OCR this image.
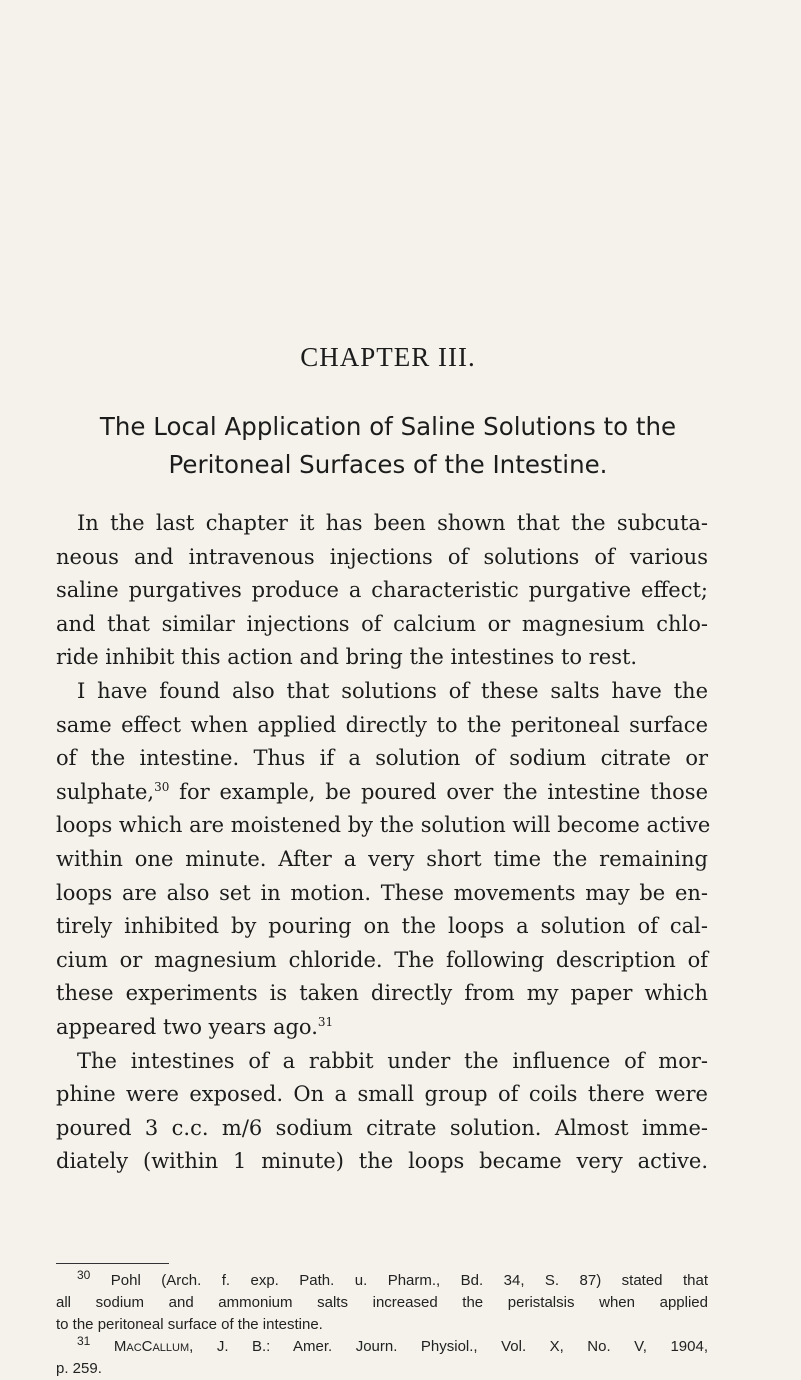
CHAPTER III.
The Local Application of Saline Solutions to the
Peritoneal Surfaces of the Intestine.
In the last chapter it has been shown that the subcuta-
neous and intravenous injections of solutions of various
saline purgatives produce a characteristic purgative effect;
and that similar injections of calcium or magnesium chlo-
ride inhibit this action and bring the intestines to rest.
I have found also that solutions of these salts have the
same effect when applied directly to the peritoneal surface
of the intestine. Thus if a solution of sodium citrate or
sulphate,$^{30}$ for example, be poured over the intestine those
loops which are moistened by the solution will become active
within one minute. After a very short time the remaining
loops are also set in motion. These movements may be en-
tirely inhibited by pouring on the loops a solution of cal-
cium or magnesium chloride. The following description of
these experiments is taken directly from my paper which
appeared two years ago.$^{31}$
The intestines of a rabbit under the influence of mor-
phine were exposed. On a small group of coils there were
poured 3 c.c. m/6 sodium citrate solution. Almost imme-
diately (within 1 minute) the loops became very active.
$^{30}$ Pohl (Arch. f. exp. Path. u. Pharm., Bd. 34, S. 87) stated that
all sodium and ammonium salts increased the peristalsis when applied
to the peritoneal surface of the intestine.
$^{31}$ MacCallum, J. B.: Amer. Journ. Physiol., Vol. X, No. V, 1904,
p. 259.
